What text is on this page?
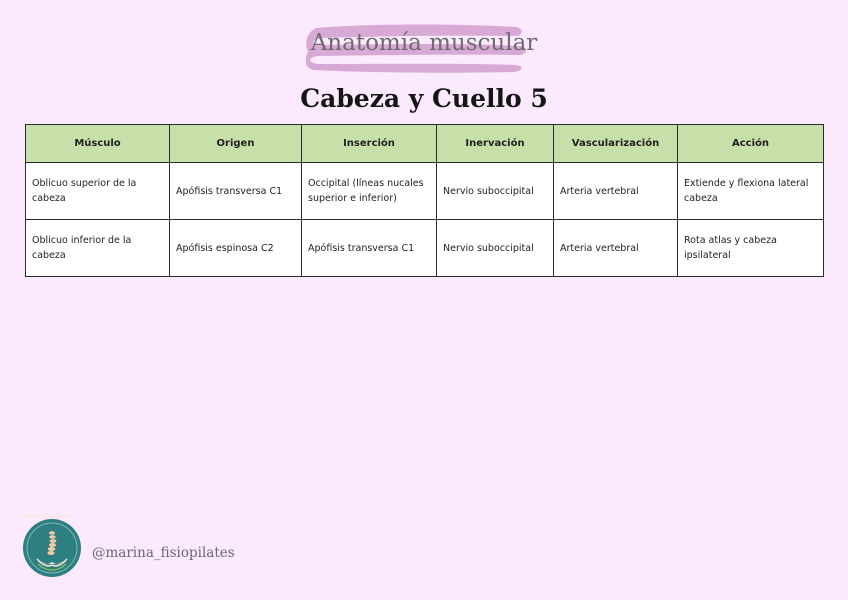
Anatomía muscular
Cabeza y Cuello 5
Músculo	Origen	Inserción	Inervación	Vascularización	Acción
Oblicuo superior de la cabeza	Apófisis transversa C1	Occipital (líneas nucales superior e inferior)	Nervio suboccipital	Arteria vertebral	Extiende y flexiona lateral cabeza
Oblicuo inferior de la cabeza	Apófisis espinosa C2	Apófisis transversa C1	Nervio suboccipital	Arteria vertebral	Rota atlas y cabeza ipsilateral
Marina Fisiopilates
@marina_fisiopilates
